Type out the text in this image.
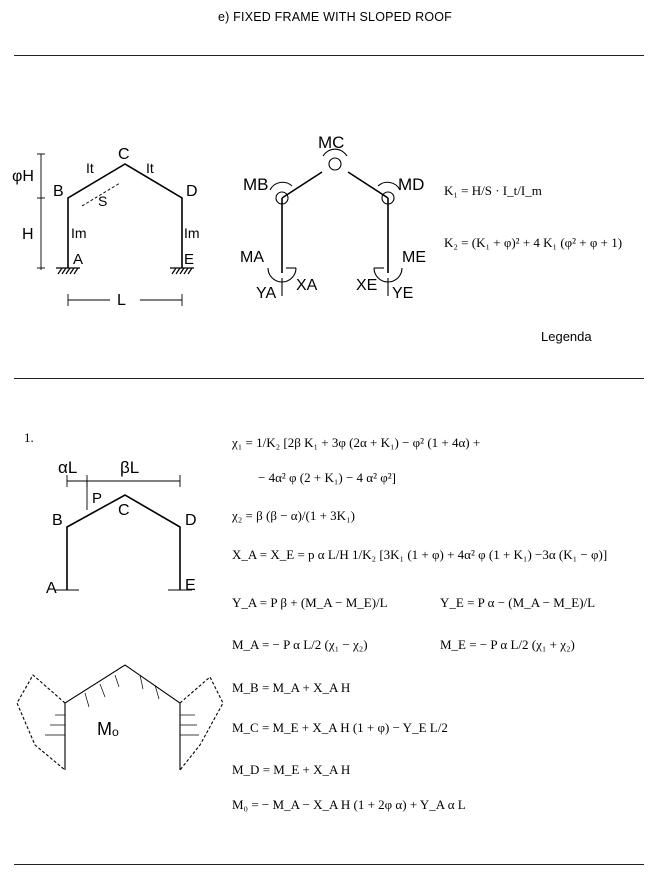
e) FIXED FRAME WITH SLOPED ROOF
C
B	D
A	E
It	It
Im	Im
φH
H
S
L
MC
MB	MD
MA	ME
XA
YA	XE YE
K₁ = H/S · I_t/I_m
K₂ = (K₁ + φ)² + 4 K₁ (φ² + φ + 1)
Legenda
1.
αL	βL
P
B
C
D
A	E
Mₒ
χ₁ = 1/K₂ [2β K₁ + 3φ (2α + K₁) − φ² (1 + 4α) +
− 4α² φ (2 + K₁) − 4 α² φ²]
χ₂ = β (β − α)/(1 + 3K₁)
X_A = X_E = p α L/H 1/K₂ [3K₁ (1 + φ) + 4α² φ (1 + K₁) −3α (K₁ − φ)]
Y_A = P β + (M_A − M_E)/L	Y_E = P α − (M_A − M_E)/L
M_A = − P α L/2 (χ₁ − χ₂)	M_E = − P α L/2 (χ₁ + χ₂)
M_B = M_A + X_A H
M_C = M_E + X_A H (1 + φ) − Y_E L/2
M_D = M_E + X_A H
M₀ = − M_A − X_A H (1 + 2φ α) + Y_A α L
